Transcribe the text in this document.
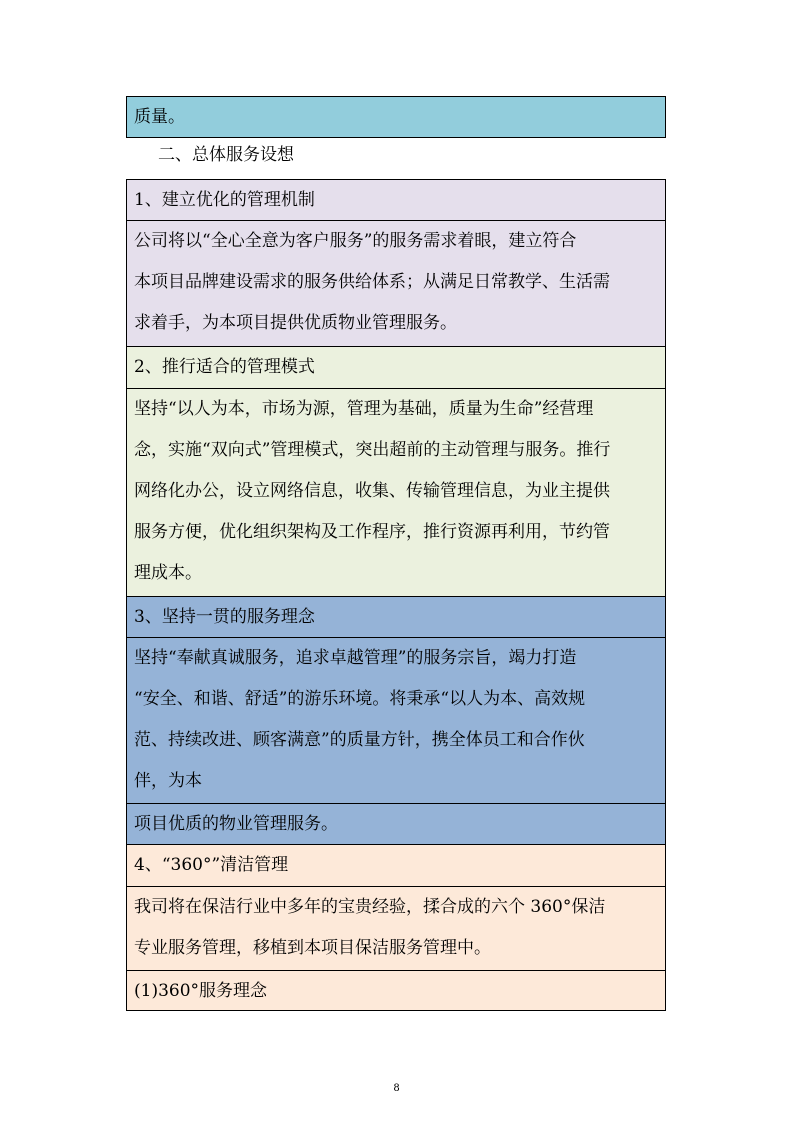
质量。

二、总体服务设想

1、建立优化的管理机制

公司将以“全心全意为客户服务”的服务需求着眼，建立符合

本项目品牌建设需求的服务供给体系；从满足日常教学、生活需

求着手，为本项目提供优质物业管理服务。

2、推行适合的管理模式

坚持“以人为本，市场为源，管理为基础，质量为生命”经营理

念，实施“双向式”管理模式，突出超前的主动管理与服务。推行

网络化办公，设立网络信息，收集、传输管理信息，为业主提供

服务方便，优化组织架构及工作程序，推行资源再利用，节约管

理成本。

3、坚持一贯的服务理念

坚持“奉献真诚服务，追求卓越管理”的服务宗旨，竭力打造

“安全、和谐、舒适”的游乐环境。将秉承“以人为本、高效规

范、持续改进、顾客满意”的质量方针，携全体员工和合作伙

伴，为本

项目优质的物业管理服务。

4、“360°”清洁管理

我司将在保洁行业中多年的宝贵经验，揉合成的六个 360°保洁

专业服务管理，移植到本项目保洁服务管理中。

(1)360°服务理念

8
